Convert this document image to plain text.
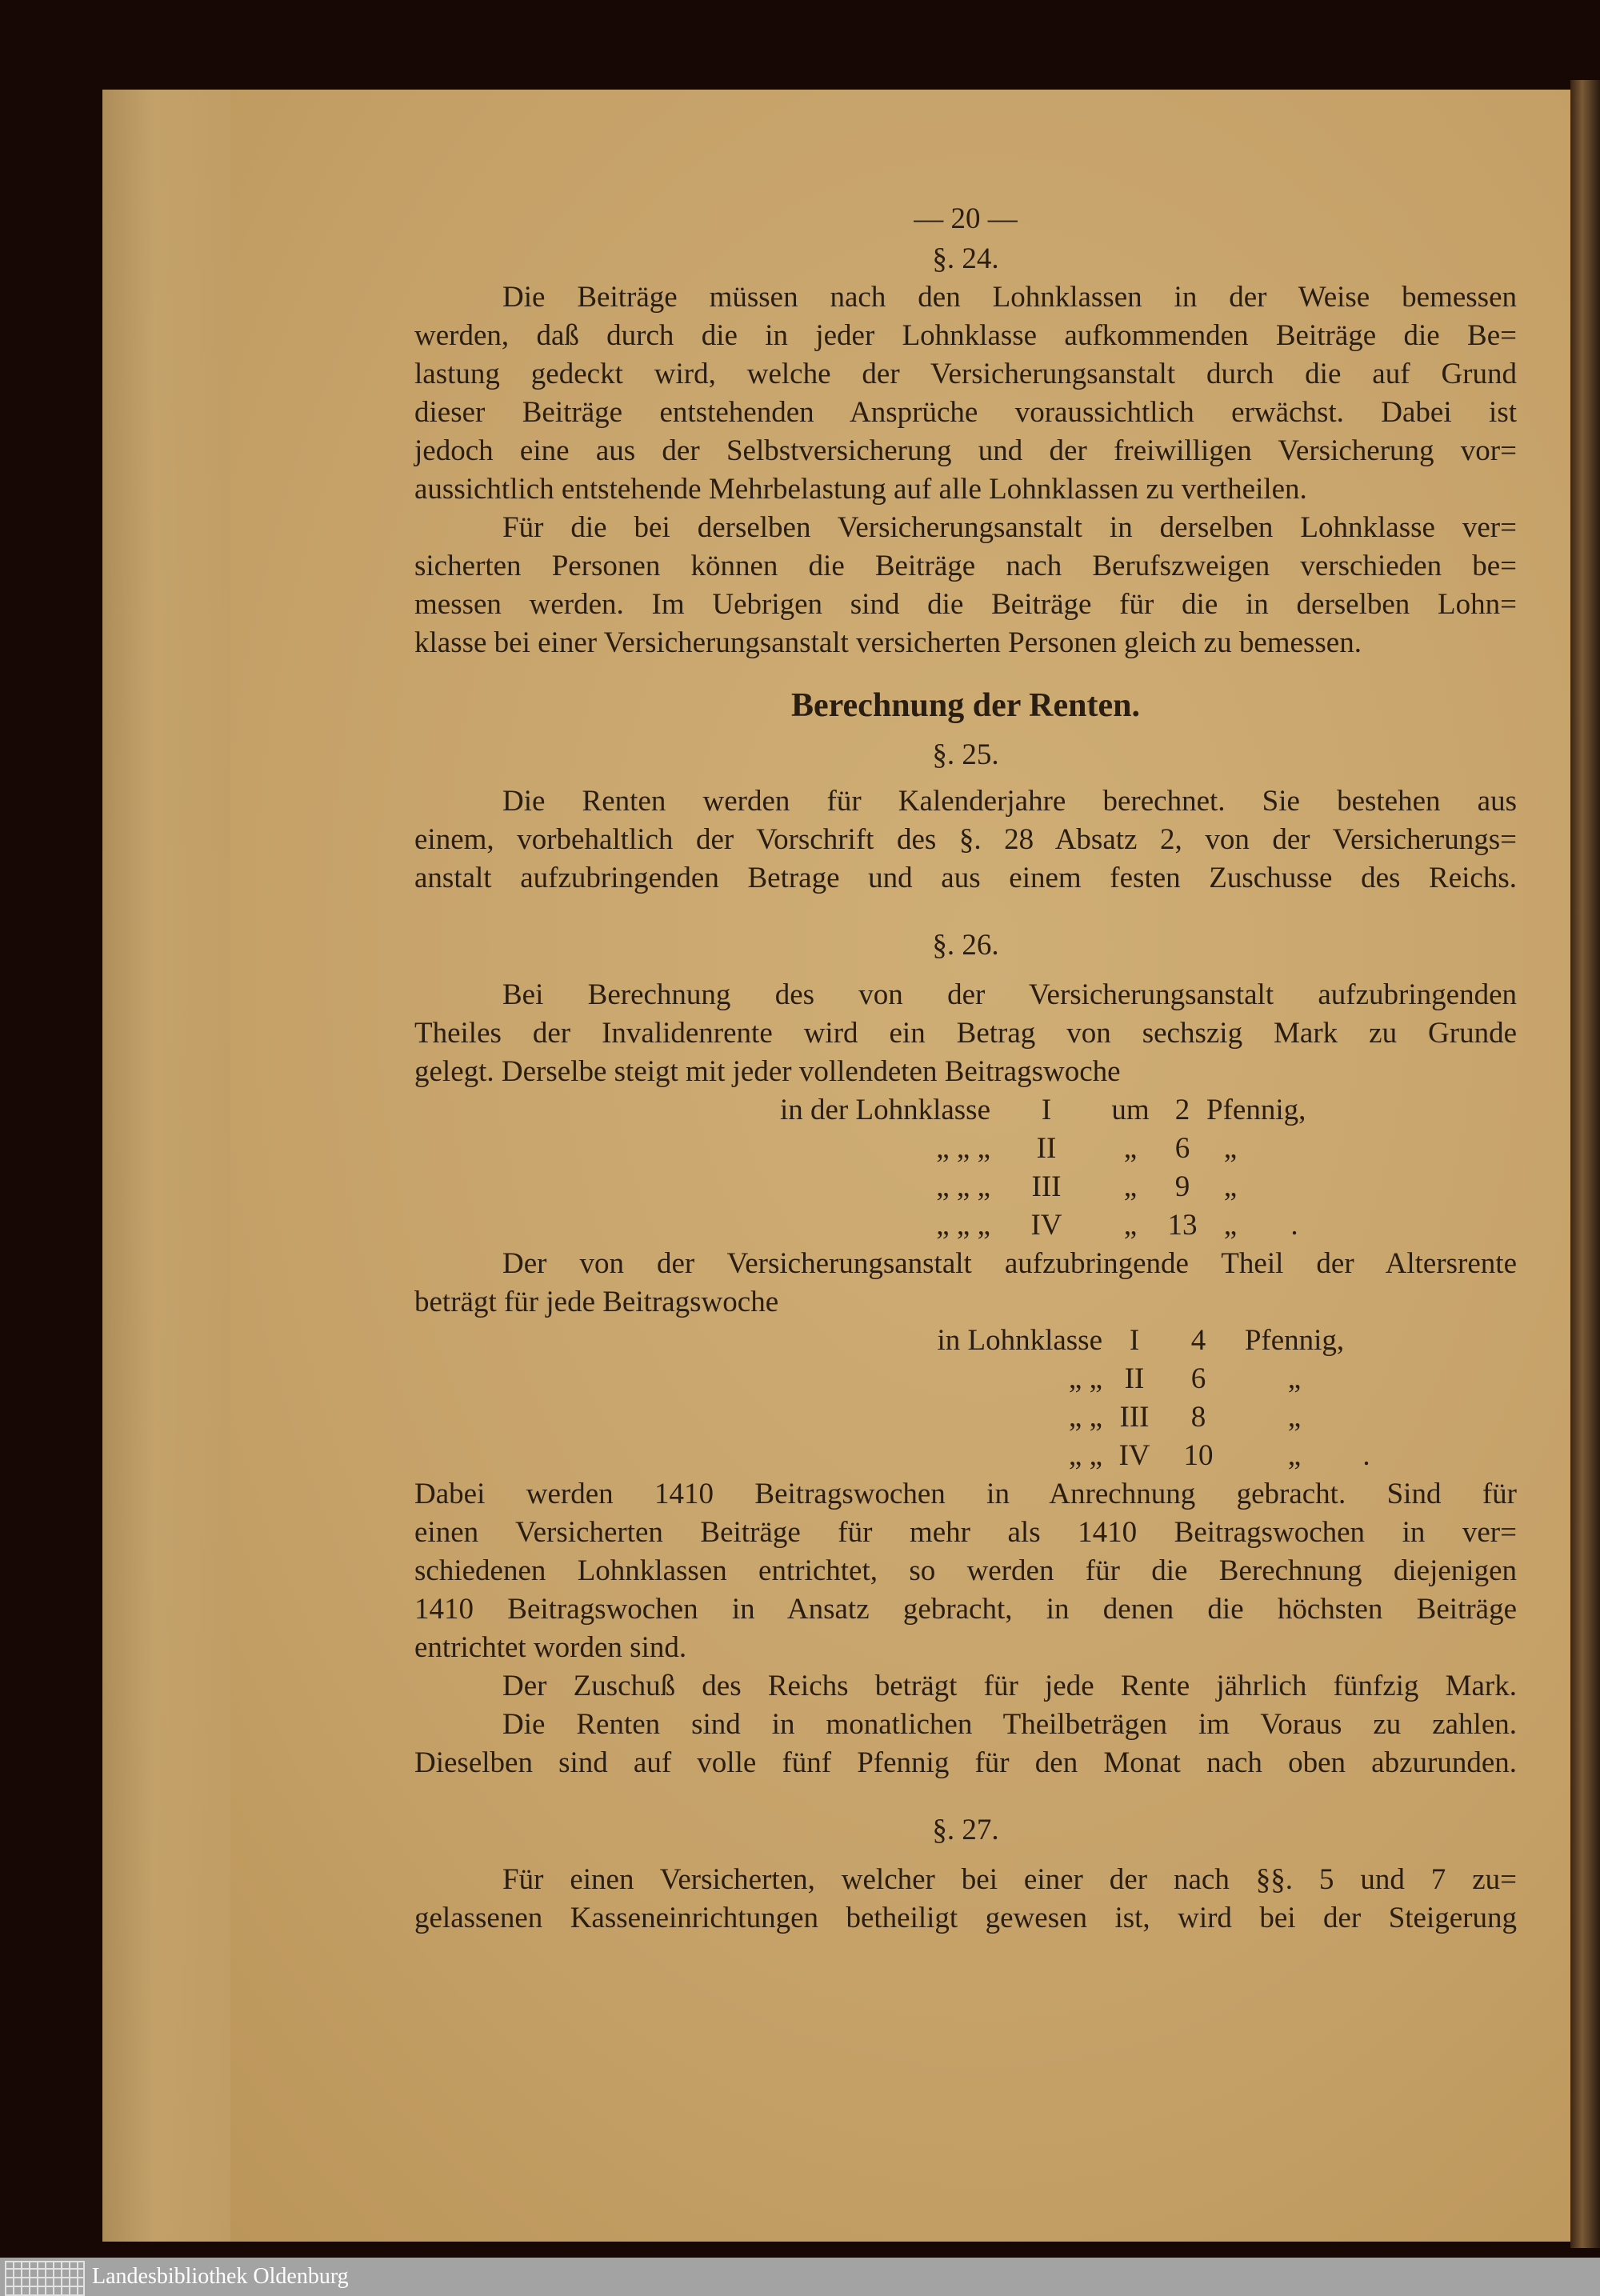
— 20 —
§. 24.
Die Beiträge müssen nach den Lohnklassen in der Weise bemessen
werden, daß durch die in jeder Lohnklasse aufkommenden Beiträge die Be=
lastung gedeckt wird, welche der Versicherungsanstalt durch die auf Grund
dieser Beiträge entstehenden Ansprüche voraussichtlich erwächst. Dabei ist
jedoch eine aus der Selbstversicherung und der freiwilligen Versicherung vor=
aussichtlich entstehende Mehrbelastung auf alle Lohnklassen zu vertheilen.
Für die bei derselben Versicherungsanstalt in derselben Lohnklasse ver=
sicherten Personen können die Beiträge nach Berufszweigen verschieden be=
messen werden. Im Uebrigen sind die Beiträge für die in derselben Lohn=
klasse bei einer Versicherungsanstalt versicherten Personen gleich zu bemessen.
Berechnung der Renten.
§. 25.
Die Renten werden für Kalenderjahre berechnet. Sie bestehen aus
einem, vorbehaltlich der Vorschrift des §. 28 Absatz 2, von der Versicherungs=
anstalt aufzubringenden Betrage und aus einem festen Zuschusse des Reichs.
§. 26.
Bei Berechnung des von der Versicherungsanstalt aufzubringenden
Theiles der Invalidenrente wird ein Betrag von sechszig Mark zu Grunde
gelegt. Derselbe steigt mit jeder vollendeten Beitragswoche
in der Lohnklasse	I	um 2 Pfennig,
„ „ „	II	„	6	„
„ „ „	III	„	9	„
„ „ „	IV	„	13 „	.
Der von der Versicherungsanstalt aufzubringende Theil der Altersrente
beträgt für jede Beitragswoche
in Lohnklasse I	4	Pfennig,
„ „ II	6	„
„ „ III	8	„
„ „ IV	10	„	.
Dabei werden 1410 Beitragswochen in Anrechnung gebracht. Sind für
einen Versicherten Beiträge für mehr als 1410 Beitragswochen in ver=
schiedenen Lohnklassen entrichtet, so werden für die Berechnung diejenigen
1410 Beitragswochen in Ansatz gebracht, in denen die höchsten Beiträge
entrichtet worden sind.
Der Zuschuß des Reichs beträgt für jede Rente jährlich fünfzig Mark.
Die Renten sind in monatlichen Theilbeträgen im Voraus zu zahlen.
Dieselben sind auf volle fünf Pfennig für den Monat nach oben abzurunden.
§. 27.
Für einen Versicherten, welcher bei einer der nach §§. 5 und 7 zu=
gelassenen Kasseneinrichtungen betheiligt gewesen ist, wird bei der Steigerung
Landesbibliothek Oldenburg
